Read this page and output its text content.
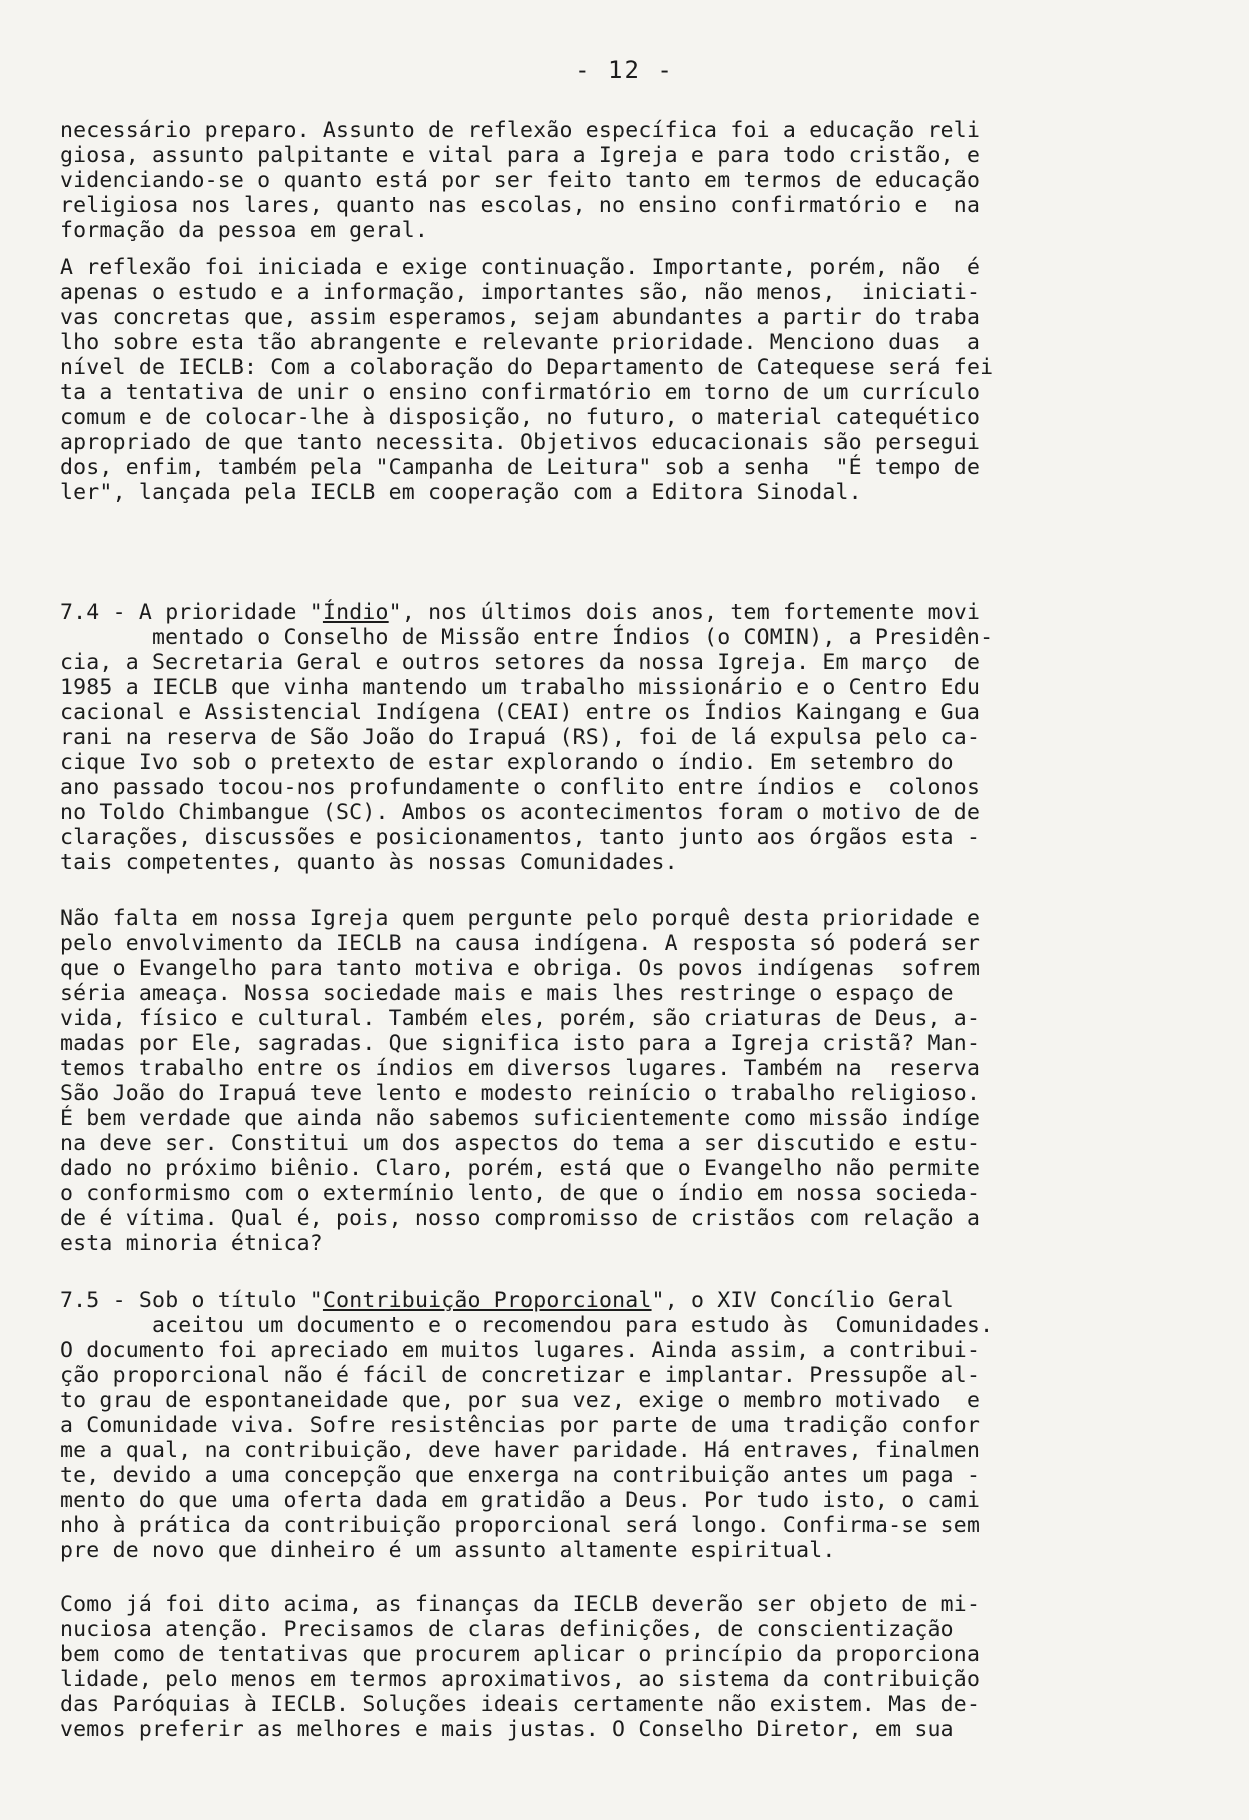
- 12 -
necessário preparo. Assunto de reflexão específica foi a educação reli
giosa, assunto palpitante e vital para a Igreja e para todo cristão, e
videnciando-se o quanto está por ser feito tanto em termos de educação
religiosa nos lares, quanto nas escolas, no ensino confirmatório e  na
formação da pessoa em geral.
A reflexão foi iniciada e exige continuação. Importante, porém, não  é
apenas o estudo e a informação, importantes são, não menos,  iniciati-
vas concretas que, assim esperamos, sejam abundantes a partir do traba
lho sobre esta tão abrangente e relevante prioridade. Menciono duas  a
nível de IECLB: Com a colaboração do Departamento de Catequese será fei
ta a tentativa de unir o ensino confirmatório em torno de um currículo
comum e de colocar-lhe à disposição, no futuro, o material catequético
apropriado de que tanto necessita. Objetivos educacionais são persegui
dos, enfim, também pela "Campanha de Leitura" sob a senha  "É tempo de
ler", lançada pela IECLB em cooperação com a Editora Sinodal.
7.4 - A prioridade "Índio", nos últimos dois anos, tem fortemente movi
mentado o Conselho de Missão entre Índios (o COMIN), a Presidên-
cia, a Secretaria Geral e outros setores da nossa Igreja. Em março  de
1985 a IECLB que vinha mantendo um trabalho missionário e o Centro Edu
cacional e Assistencial Indígena (CEAI) entre os Índios Kaingang e Gua
rani na reserva de São João do Irapuá (RS), foi de lá expulsa pelo ca-
cique Ivo sob o pretexto de estar explorando o índio. Em setembro do
ano passado tocou-nos profundamente o conflito entre índios e  colonos
no Toldo Chimbangue (SC). Ambos os acontecimentos foram o motivo de de
clarações, discussões e posicionamentos, tanto junto aos órgãos esta -
tais competentes, quanto às nossas Comunidades.
Não falta em nossa Igreja quem pergunte pelo porquê desta prioridade e
pelo envolvimento da IECLB na causa indígena. A resposta só poderá ser
que o Evangelho para tanto motiva e obriga. Os povos indígenas  sofrem
séria ameaça. Nossa sociedade mais e mais lhes restringe o espaço de
vida, físico e cultural. Também eles, porém, são criaturas de Deus, a-
madas por Ele, sagradas. Que significa isto para a Igreja cristã? Man-
temos trabalho entre os índios em diversos lugares. Também na  reserva
São João do Irapuá teve lento e modesto reinício o trabalho religioso.
É bem verdade que ainda não sabemos suficientemente como missão indíge
na deve ser. Constitui um dos aspectos do tema a ser discutido e estu-
dado no próximo biênio. Claro, porém, está que o Evangelho não permite
o conformismo com o extermínio lento, de que o índio em nossa socieda-
de é vítima. Qual é, pois, nosso compromisso de cristãos com relação a
esta minoria étnica?
7.5 - Sob o título "Contribuição Proporcional", o XIV Concílio Geral
aceitou um documento e o recomendou para estudo às  Comunidades.
O documento foi apreciado em muitos lugares. Ainda assim, a contribui-
ção proporcional não é fácil de concretizar e implantar. Pressupõe al-
to grau de espontaneidade que, por sua vez, exige o membro motivado  e
a Comunidade viva. Sofre resistências por parte de uma tradição confor
me a qual, na contribuição, deve haver paridade. Há entraves, finalmen
te, devido a uma concepção que enxerga na contribuição antes um paga -
mento do que uma oferta dada em gratidão a Deus. Por tudo isto, o cami
nho à prática da contribuição proporcional será longo. Confirma-se sem
pre de novo que dinheiro é um assunto altamente espiritual.
Como já foi dito acima, as finanças da IECLB deverão ser objeto de mi-
nuciosa atenção. Precisamos de claras definições, de conscientização
bem como de tentativas que procurem aplicar o princípio da proporciona
lidade, pelo menos em termos aproximativos, ao sistema da contribuição
das Paróquias à IECLB. Soluções ideais certamente não existem. Mas de-
vemos preferir as melhores e mais justas. O Conselho Diretor, em sua
